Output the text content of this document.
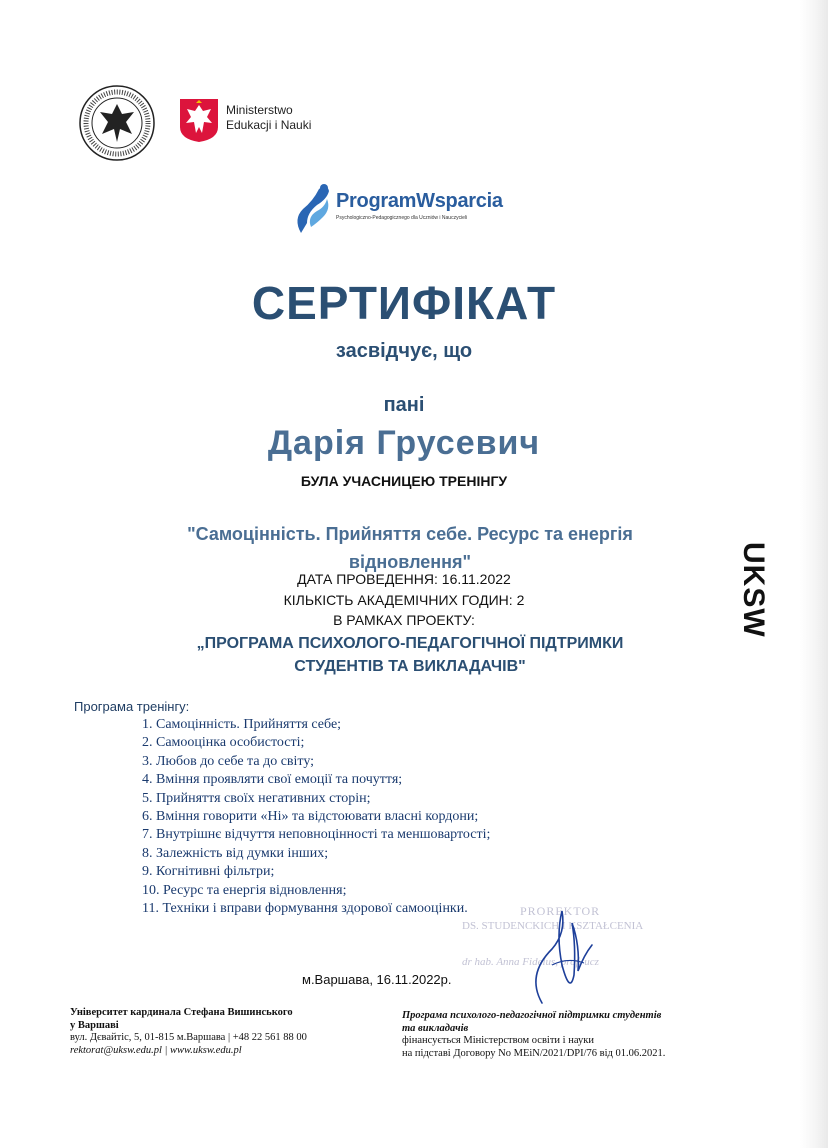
Ministerstwo
Edukacji i Nauki
ProgramWsparcia
Psychologiczno-Pedagogicznego dla Uczniów i Nauczycieli
СЕРТИФІКАТ
засвідчує, що
пані
Дарія Грусевич
БУЛА УЧАСНИЦЕЮ ТРЕНІНГУ
"Самоцінність. Прийняття себе. Ресурс та енергія
відновлення"
ДАТА ПРОВЕДЕННЯ: 16.11.2022
КІЛЬКІСТЬ АКАДЕМІЧНИХ ГОДИН: 2
В РАМКАХ ПРОЕКТУ:
„ПРОГРАМА ПСИХОЛОГО-ПЕДАГОГІЧНОЇ ПІДТРИМКИ
СТУДЕНТІВ ТА ВИКЛАДАЧІВ"
UKSW
Програма тренінгу:
1. Самоцінність. Прийняття себе;
2. Самооцінка особистості;
3. Любов до себе та до світу;
4. Вміння проявляти свої емоції та почуття;
5. Прийняття своїх негативних сторін;
6. Вміння говорити «Ні» та відстоювати власні кордони;
7. Внутрішнє відчуття неповноцінності та меншовартості;
8. Залежність від думки інших;
9. Когнітивні фільтри;
10. Ресурс та енергія відновлення;
11. Техніки і вправи формування здорової самооцінки.	PROREKTOR
DS. STUDENCKICH I KSZTAŁCENIA
dr hab. Anna Fidelus, prof. ucz
м.Варшава, 16.11.2022р.
Університет кардинала Стефана Вишинського
у Варшаві
вул. Дєвайтіс, 5, 01-815 м.Варшава | +48 22 561 88 00
rektorat@uksw.edu.pl | www.uksw.edu.pl
Програма психолого-педагогічної підтримки студентів
та викладачів
фінансується Міністерством освіти і науки
на підставі Договору No MEiN/2021/DPI/76 від 01.06.2021.
